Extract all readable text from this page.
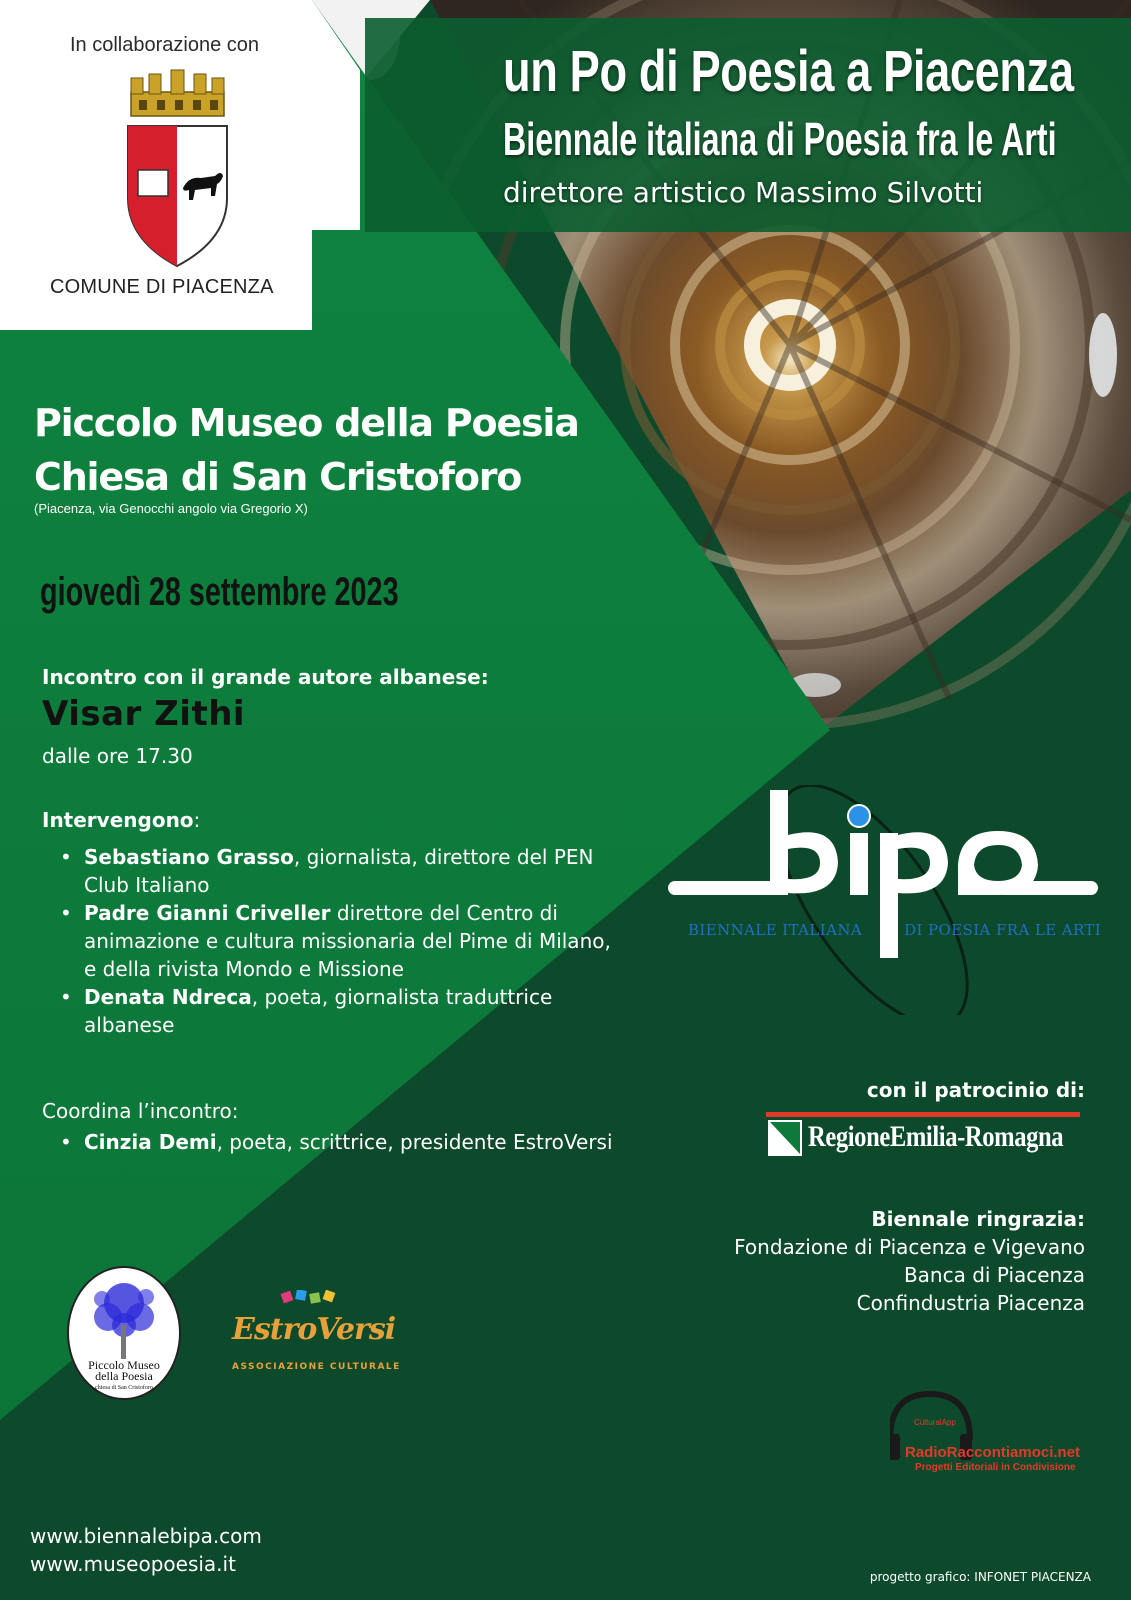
In collaborazione con
COMUNE DI PIACENZA
un Po di Poesia a Piacenza
Biennale italiana di Poesia fra le Arti
direttore artistico Massimo Silvotti
Piccolo Museo della Poesia
Chiesa di San Cristoforo
(Piacenza, via Genocchi angolo via Gregorio X)
giovedì 28 settembre 2023
Incontro con il grande autore albanese:
Visar Zithi
dalle ore 17.30
Intervengono:
• Sebastiano Grasso, giornalista, direttore del PEN Club Italiano
• Padre Gianni Criveller direttore del Centro di animazione e cultura missionaria del Pime di Milano, e della rivista Mondo e Missione
• Denata Ndreca, poeta, giornalista traduttrice albanese
Coordina l’incontro:
• Cinzia Demi, poeta, scrittrice, presidente EstroVersi
BIENNALE ITALIANA	DI POESIA FRA LE ARTI
con il patrocinio di:
RegioneEmilia-Romagna
Biennale ringrazia:
Fondazione di Piacenza e Vigevano
Banca di Piacenza
Confindustria Piacenza
Piccolo Museo
della Poesia
chiesa di San Cristoforo
EstroVersi
ASSOCIAZIONE CULTURALE
CulturalApp
RadioRaccontiamoci.net
Progetti Editoriali in Condivisione
www.biennalebipa.com
www.museopoesia.it
progetto grafico: INFONET PIACENZA
